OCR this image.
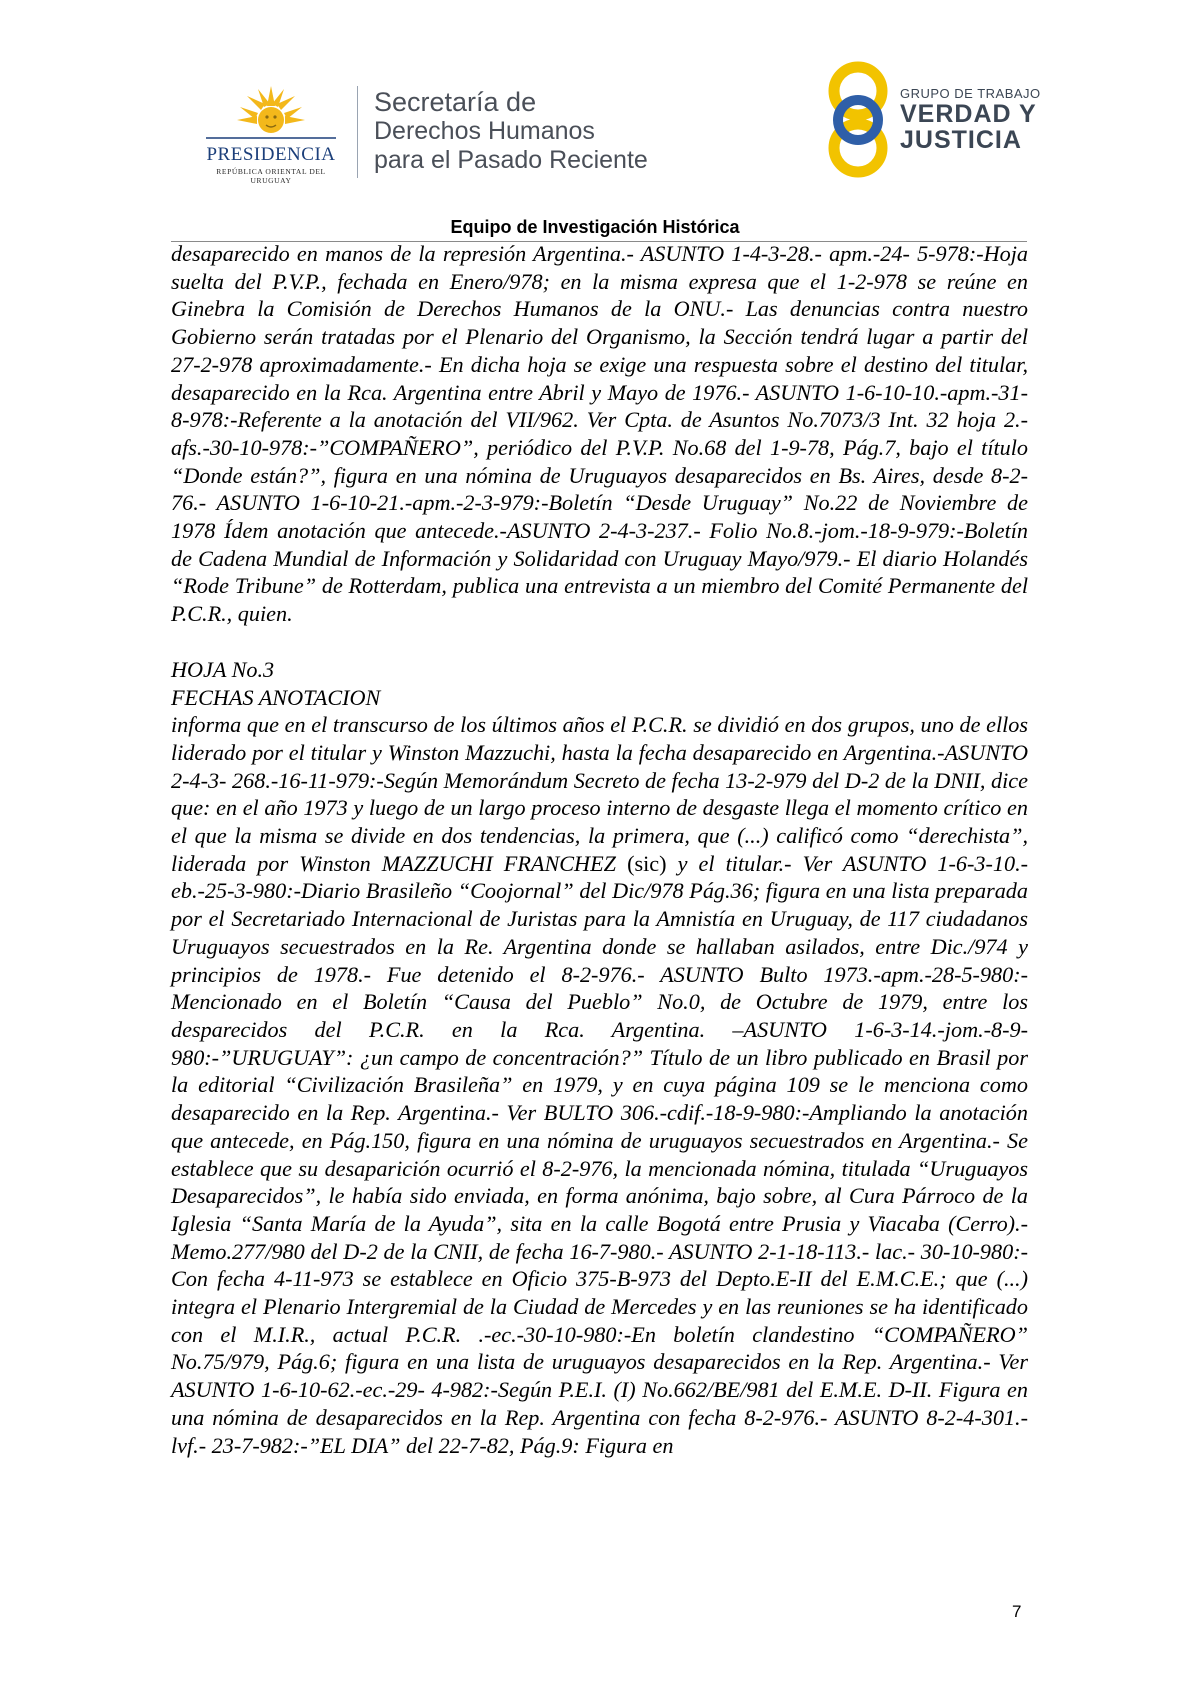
PRESIDENCIA
REPÚBLICA ORIENTAL DEL URUGUAY
Secretaría de
Derechos Humanos
para el Pasado Reciente
GRUPO DE TRABAJO
VERDAD Y
JUSTICIA
Equipo de Investigación Histórica

desaparecido en manos de la represión Argentina.- ASUNTO 1-4-3-28.- apm.-24- 5-978:-Hoja suelta del P.V.P., fechada en Enero/978; en la misma expresa que el 1-2-978 se reúne en Ginebra la Comisión de Derechos Humanos de la ONU.- Las denuncias contra nuestro Gobierno serán tratadas por el Plenario del Organismo, la Sección tendrá lugar a partir del 27-2-978 aproximadamente.- En dicha hoja se exige una respuesta sobre el destino del titular, desaparecido en la Rca. Argentina entre Abril y Mayo de 1976.- ASUNTO 1-6-10-10.-apm.-31-8-978:-Referente a la anotación del VII/962. Ver Cpta. de Asuntos No.7073/3 Int. 32 hoja 2.-afs.-30-10-978:-”COMPAÑERO”, periódico del P.V.P. No.68 del 1-9-78, Pág.7, bajo el título “Donde están?”, figura en una nómina de Uruguayos desaparecidos en Bs. Aires, desde 8-2-76.- ASUNTO 1-6-10-21.-apm.-2-3-979:-Boletín “Desde Uruguay” No.22 de Noviembre de 1978 Ídem anotación que antecede.-ASUNTO 2-4-3-237.- Folio No.8.-jom.-18-9-979:-Boletín de Cadena Mundial de Información y Solidaridad con Uruguay Mayo/979.- El diario Holandés “Rode Tribune” de Rotterdam, publica una entrevista a un miembro del Comité Permanente del P.C.R., quien.

HOJA No.3
FECHAS ANOTACION

informa que en el transcurso de los últimos años el P.C.R. se dividió en dos grupos, uno de ellos liderado por el titular y Winston Mazzuchi, hasta la fecha desaparecido en Argentina.-ASUNTO 2-4-3- 268.-16-11-979:-Según Memorándum Secreto de fecha 13-2-979 del D-2 de la DNII, dice que: en el año 1973 y luego de un largo proceso interno de desgaste llega el momento crítico en el que la misma se divide en dos tendencias, la primera, que (...) calificó como “derechista”, liderada por Winston MAZZUCHI FRANCHEZ (sic) y el titular.- Ver ASUNTO 1-6-3-10.-eb.-25-3-980:-Diario Brasileño “Coojornal” del Dic/978 Pág.36; figura en una lista preparada por el Secretariado Internacional de Juristas para la Amnistía en Uruguay, de 117 ciudadanos Uruguayos secuestrados en la Re. Argentina donde se hallaban asilados, entre Dic./974 y principios de 1978.- Fue detenido el 8-2-976.- ASUNTO Bulto 1973.-apm.-28-5-980:-Mencionado en el Boletín “Causa del Pueblo” No.0, de Octubre de 1979, entre los desparecidos del P.C.R. en la Rca. Argentina. –ASUNTO 1-6-3-14.-jom.-8-9-980:-”URUGUAY”: ¿un campo de concentración?” Título de un libro publicado en Brasil por la editorial “Civilización Brasileña” en 1979, y en cuya página 109 se le menciona como desaparecido en la Rep. Argentina.- Ver BULTO 306.-cdif.-18-9-980:-Ampliando la anotación que antecede, en Pág.150, figura en una nómina de uruguayos secuestrados en Argentina.- Se establece que su desaparición ocurrió el 8-2-976, la mencionada nómina, titulada “Uruguayos Desaparecidos”, le había sido enviada, en forma anónima, bajo sobre, al Cura Párroco de la Iglesia “Santa María de la Ayuda”, sita en la calle Bogotá entre Prusia y Viacaba (Cerro).- Memo.277/980 del D-2 de la CNII, de fecha 16-7-980.- ASUNTO 2-1-18-113.- lac.- 30-10-980:-Con fecha 4-11-973 se establece en Oficio 375-B-973 del Depto.E-II del E.M.C.E.; que (...) integra el Plenario Intergremial de la Ciudad de Mercedes y en las reuniones se ha identificado con el M.I.R., actual P.C.R. .-ec.-30-10-980:-En boletín clandestino “COMPAÑERO” No.75/979, Pág.6; figura en una lista de uruguayos desaparecidos en la Rep. Argentina.- Ver ASUNTO 1-6-10-62.-ec.-29- 4-982:-Según P.E.I. (I) No.662/BE/981 del E.M.E. D-II. Figura en una nómina de desaparecidos en la Rep. Argentina con fecha 8-2-976.- ASUNTO 8-2-4-301.-lvf.- 23-7-982:-”EL DIA” del 22-7-82, Pág.9: Figura en

7
